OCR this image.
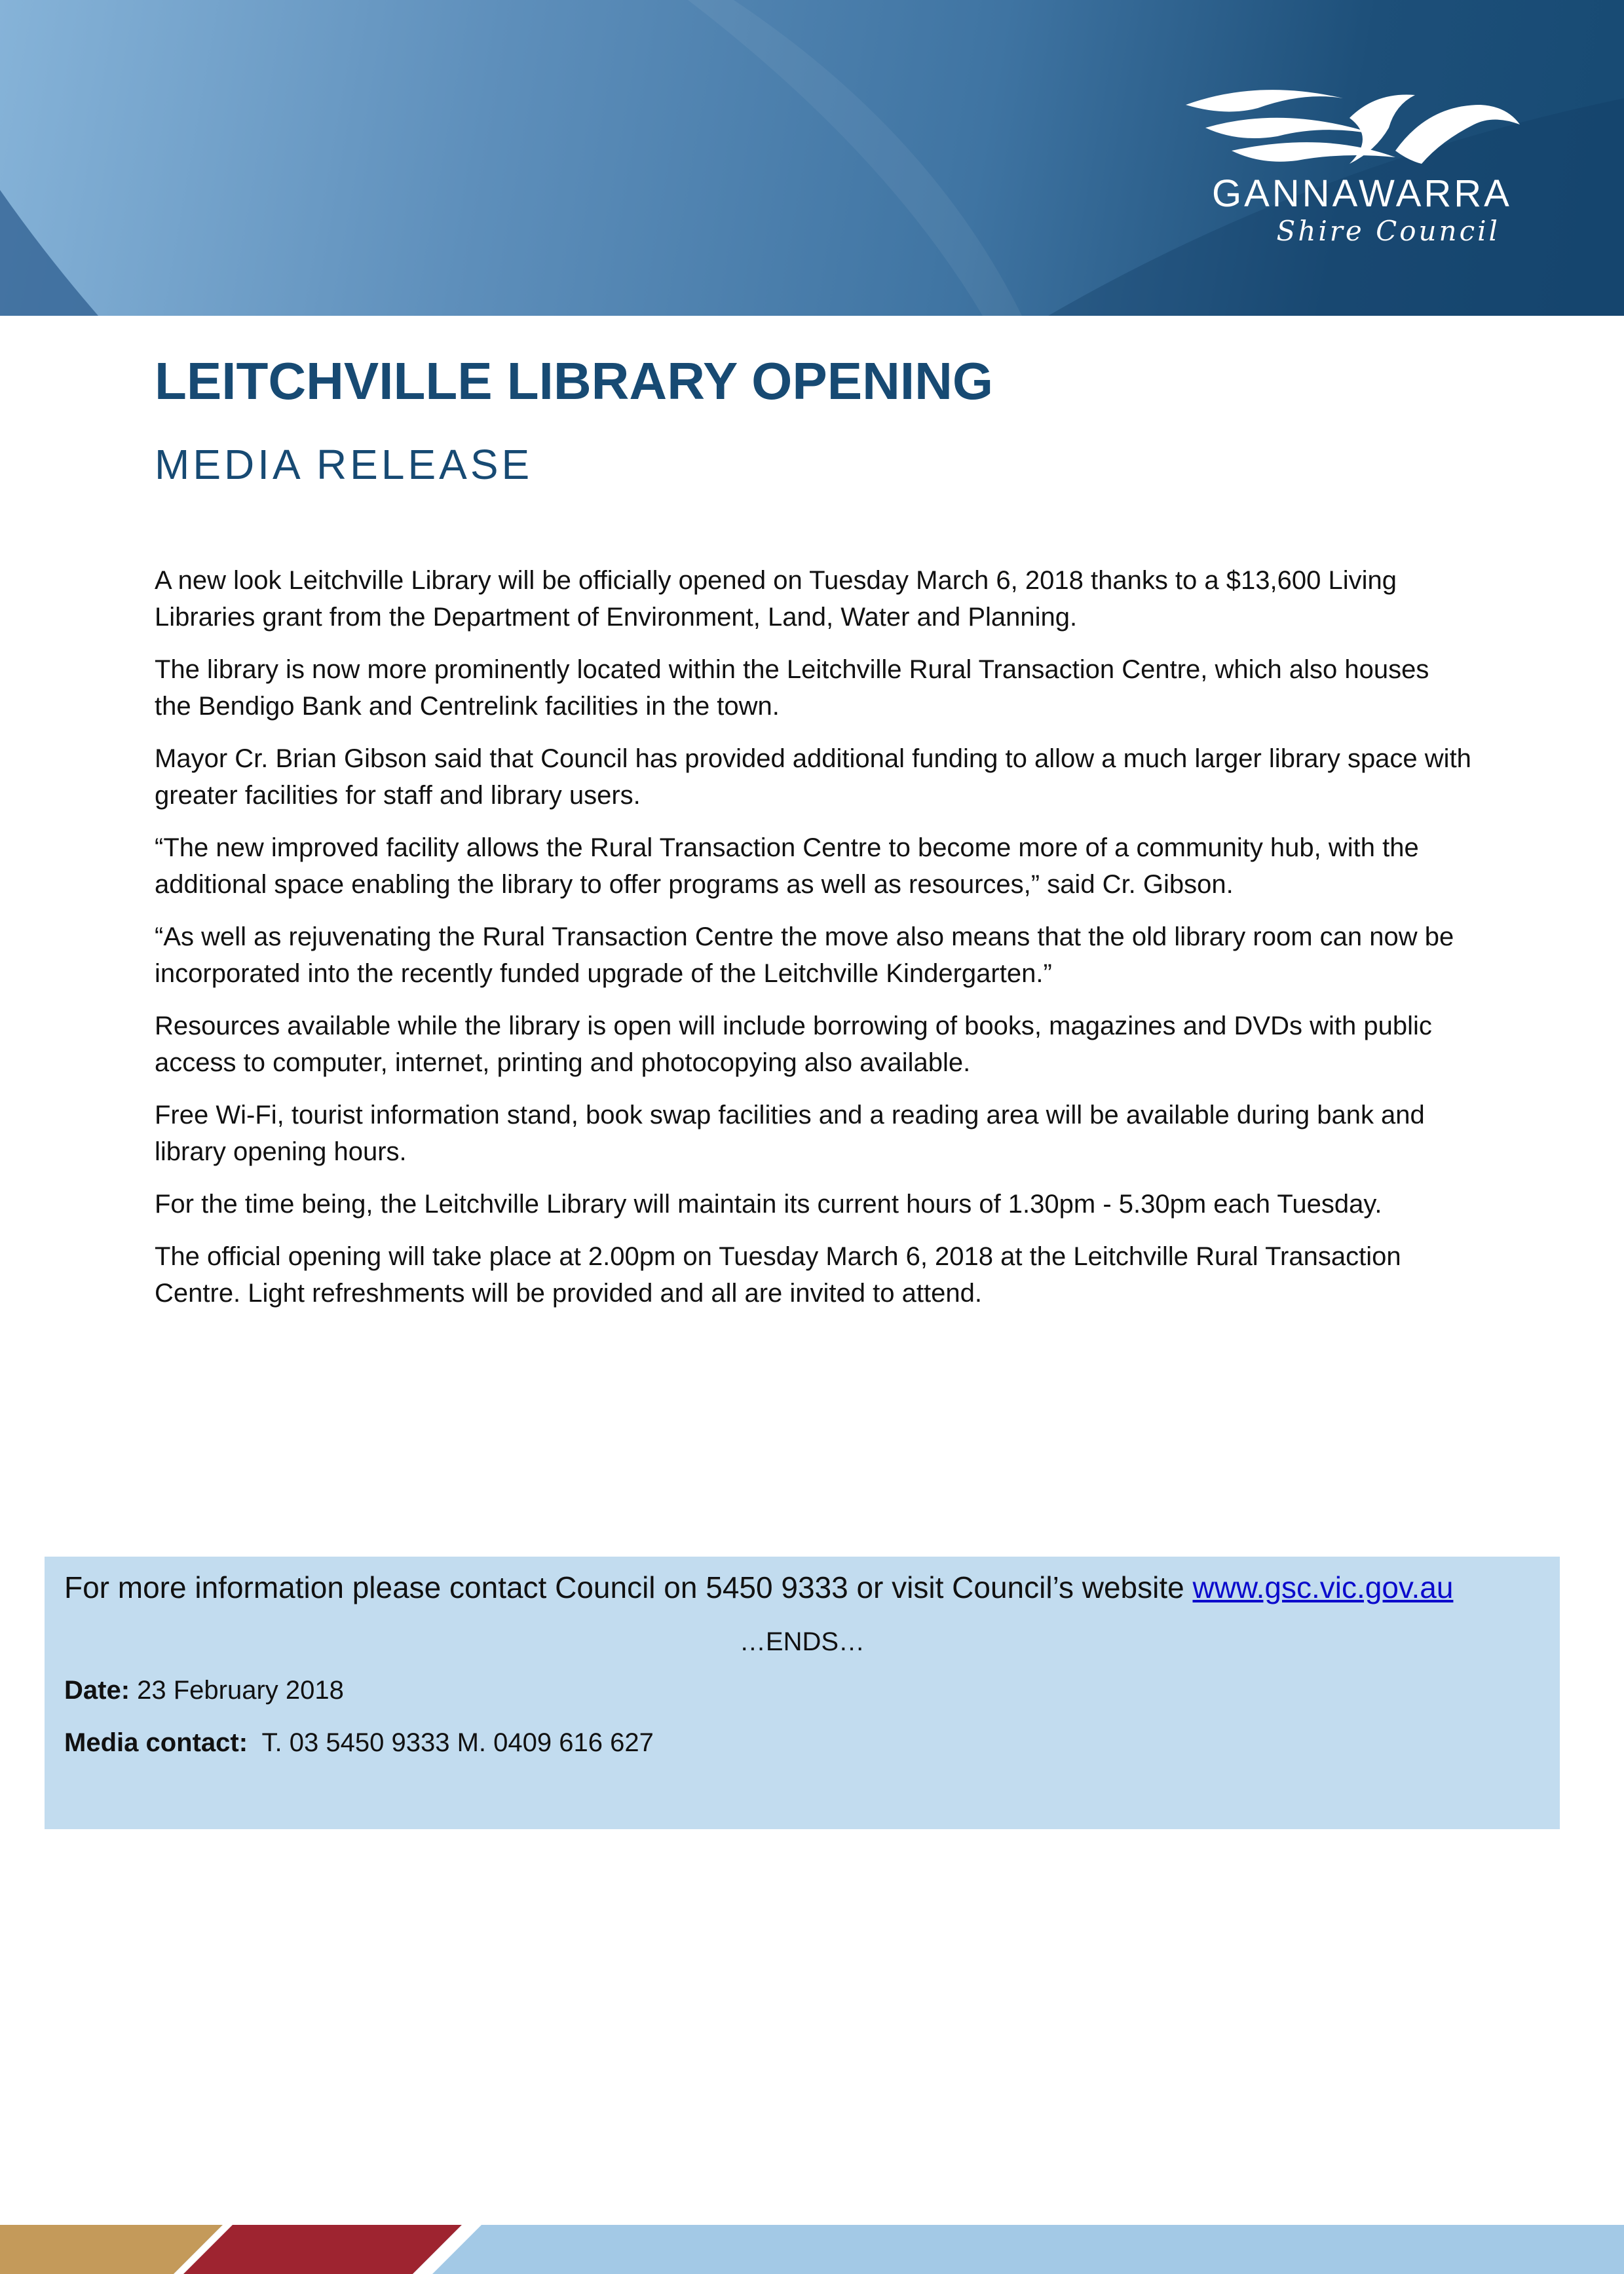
GANNAWARRA
Shire Council
LEITCHVILLE LIBRARY OPENING
MEDIA RELEASE

A new look Leitchville Library will be officially opened on Tuesday March 6, 2018 thanks to a $13,600 Living Libraries grant from the Department of Environment, Land, Water and Planning.

The library is now more prominently located within the Leitchville Rural Transaction Centre, which also houses the Bendigo Bank and Centrelink facilities in the town.

Mayor Cr. Brian Gibson said that Council has provided additional funding to allow a much larger library space with greater facilities for staff and library users.

“The new improved facility allows the Rural Transaction Centre to become more of a community hub, with the additional space enabling the library to offer programs as well as resources,” said Cr. Gibson.

“As well as rejuvenating the Rural Transaction Centre the move also means that the old library room can now be incorporated into the recently funded upgrade of the Leitchville Kindergarten.”

Resources available while the library is open will include borrowing of books, magazines and DVDs with public access to computer, internet, printing and photocopying also available.

Free Wi-Fi, tourist information stand, book swap facilities and a reading area will be available during bank and library opening hours.

For the time being, the Leitchville Library will maintain its current hours of 1.30pm - 5.30pm each Tuesday.

The official opening will take place at 2.00pm on Tuesday March 6, 2018 at the Leitchville Rural Transaction Centre. Light refreshments will be provided and all are invited to attend.

For more information please contact Council on 5450 9333 or visit Council’s website www.gsc.vic.gov.au
…ENDS…
Date: 23 February 2018
Media contact:  T. 03 5450 9333 M. 0409 616 627
